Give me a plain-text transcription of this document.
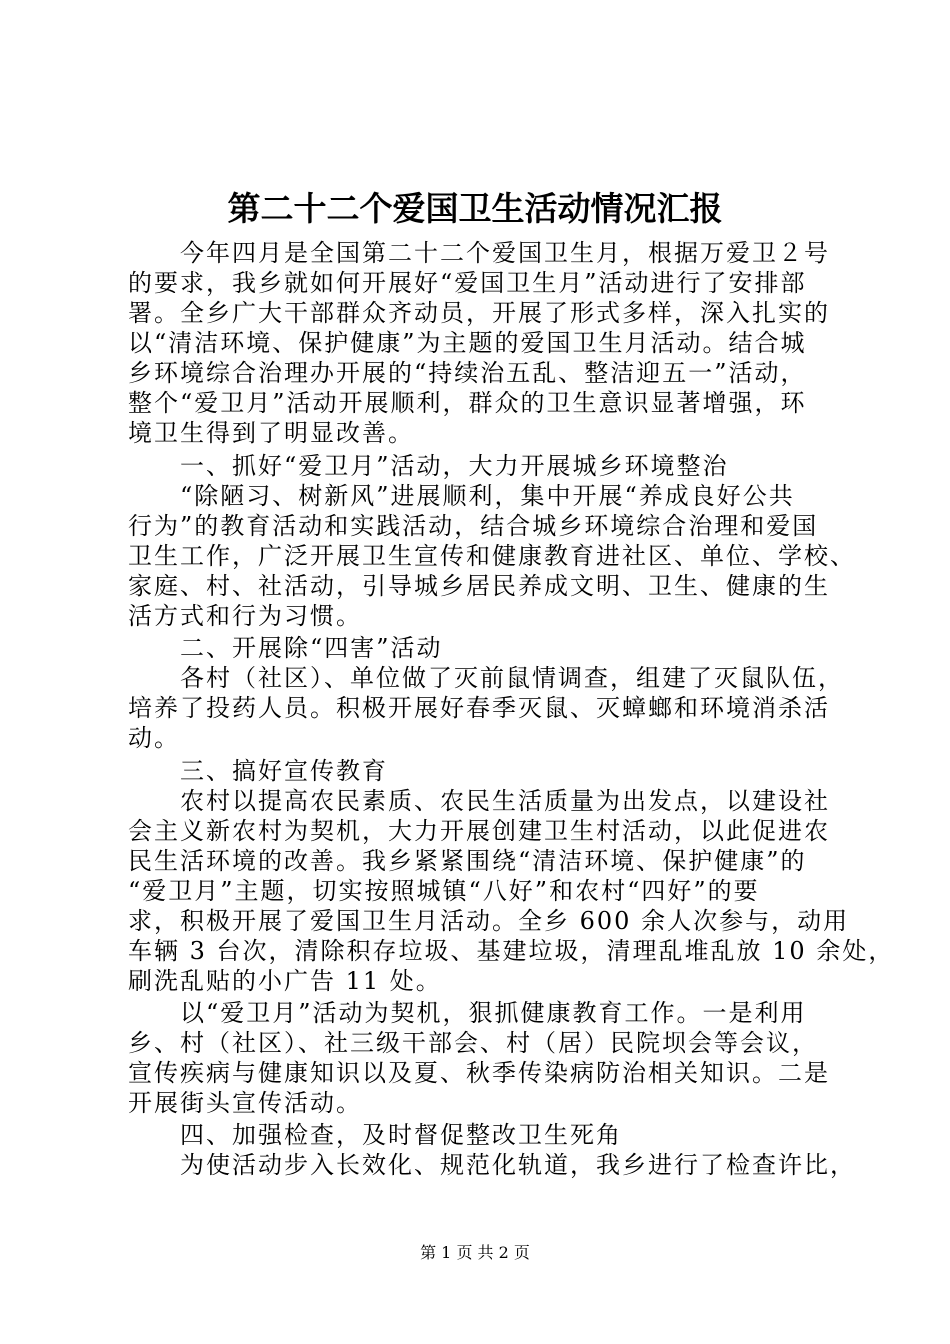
第二十二个爱国卫生活动情况汇报
今年四月是全国第二十二个爱国卫生月，根据万爱卫２号
的要求，我乡就如何开展好“爱国卫生月”活动进行了安排部
署。全乡广大干部群众齐动员，开展了形式多样，深入扎实的
以“清洁环境、保护健康”为主题的爱国卫生月活动。结合城
乡环境综合治理办开展的“持续治五乱、整洁迎五一”活动，
整个“爱卫月”活动开展顺利，群众的卫生意识显著增强，环
境卫生得到了明显改善。
一、抓好“爱卫月”活动，大力开展城乡环境整治
“除陋习、树新风”进展顺利，集中开展“养成良好公共
行为”的教育活动和实践活动，结合城乡环境综合治理和爱国
卫生工作，广泛开展卫生宣传和健康教育进社区、单位、学校、
家庭、村、社活动，引导城乡居民养成文明、卫生、健康的生
活方式和行为习惯。
二、开展除“四害”活动
各村（社区）、单位做了灭前鼠情调查，组建了灭鼠队伍，
培养了投药人员。积极开展好春季灭鼠、灭蟑螂和环境消杀活
动。
三、搞好宣传教育
农村以提高农民素质、农民生活质量为出发点，以建设社
会主义新农村为契机，大力开展创建卫生村活动，以此促进农
民生活环境的改善。我乡紧紧围绕“清洁环境、保护健康”的
“爱卫月”主题，切实按照城镇“八好”和农村“四好”的要
求，积极开展了爱国卫生月活动。全乡 600 余人次参与，动用
车辆 3 台次，清除积存垃圾、基建垃圾，清理乱堆乱放 10 余处，
刷洗乱贴的小广告 11 处。
以“爱卫月”活动为契机，狠抓健康教育工作。一是利用
乡、村（社区）、社三级干部会、村（居）民院坝会等会议，
宣传疾病与健康知识以及夏、秋季传染病防治相关知识。二是
开展街头宣传活动。
四、加强检查，及时督促整改卫生死角
为使活动步入长效化、规范化轨道，我乡进行了检查许比，
第 1 页 共 2 页
